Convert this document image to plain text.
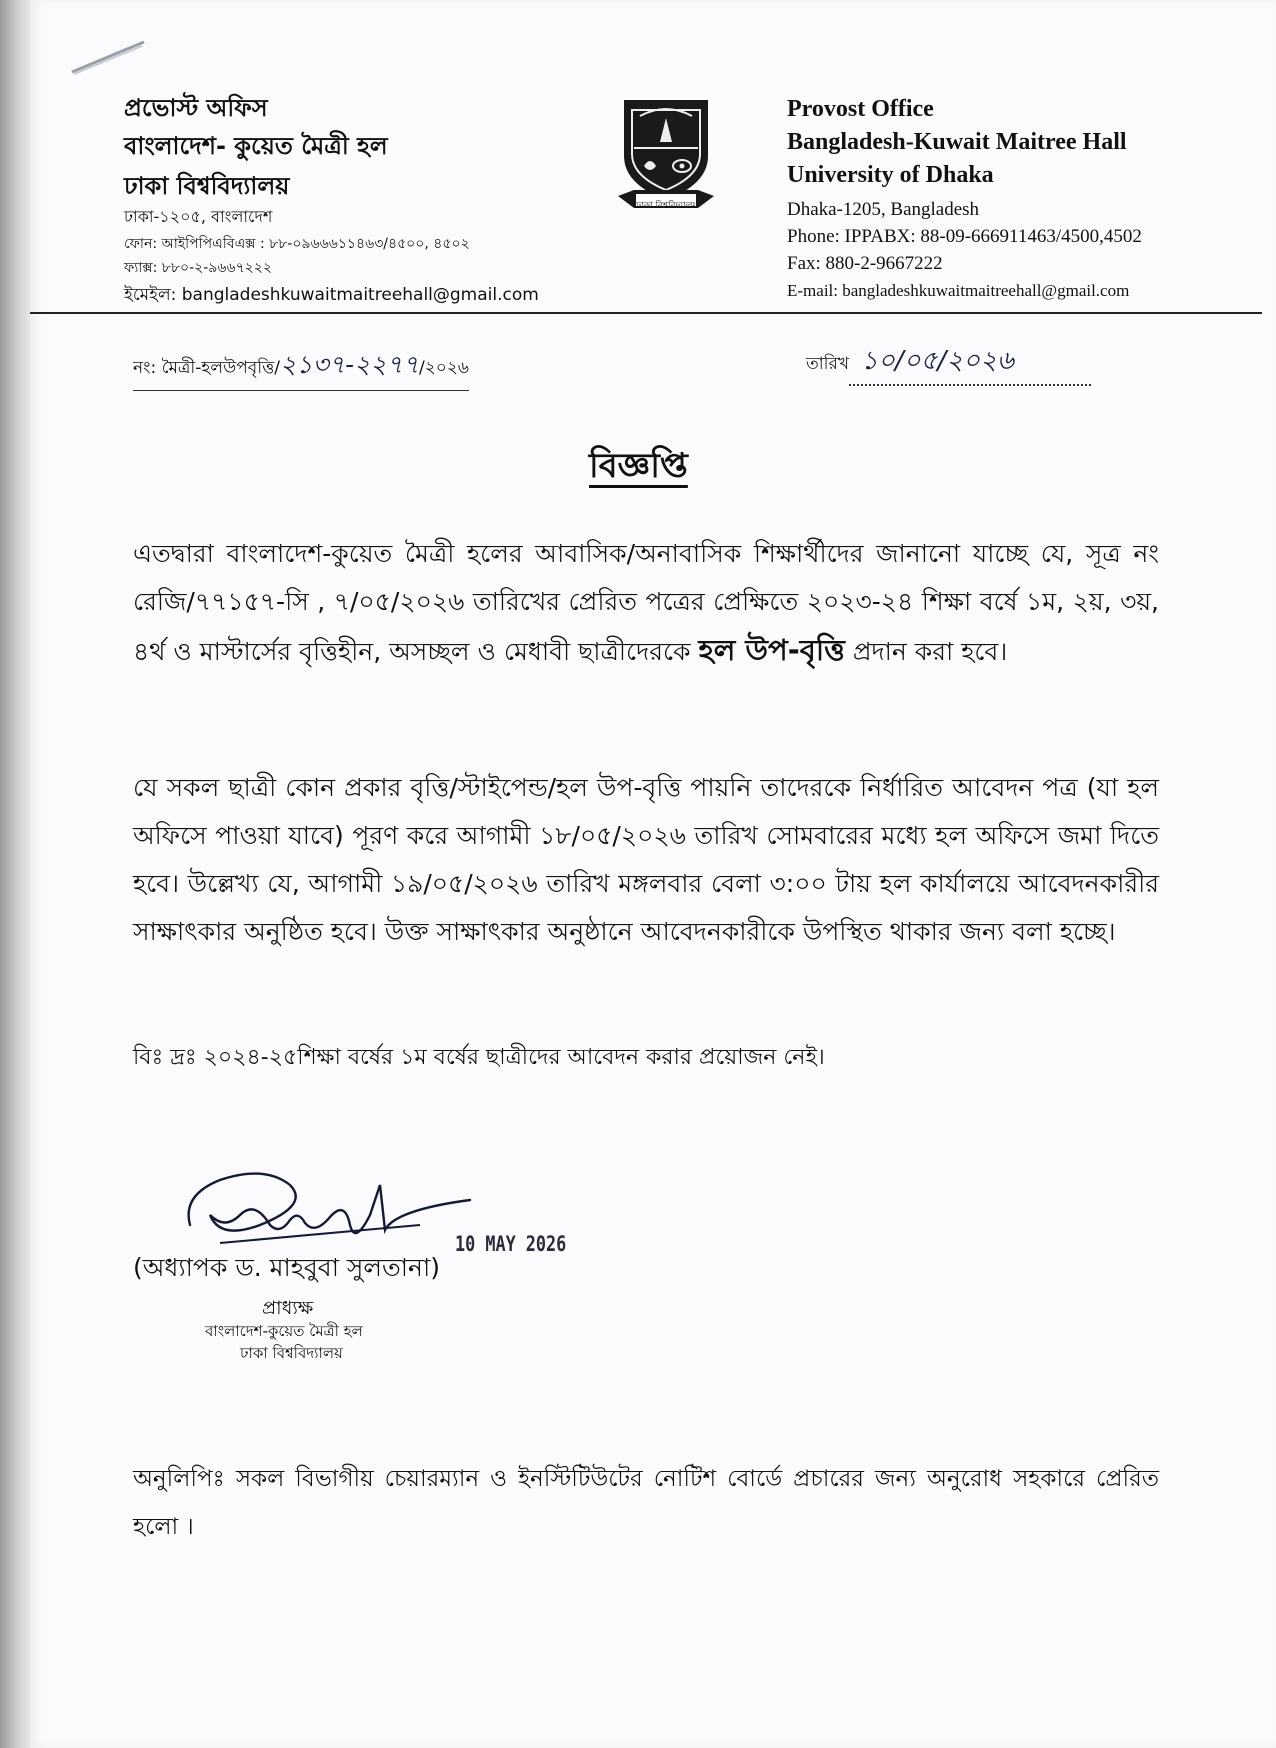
প্রভোস্ট অফিস
বাংলাদেশ- কুয়েত মৈত্রী হল
ঢাকা বিশ্ববিদ্যালয়
ঢাকা-১২০৫, বাংলাদেশ
ফোন: আইপিপিএবিএক্স : ৮৮-০৯৬৬৬১১৪৬৩/৪৫০০, ৪৫০২
ফ্যাক্স: ৮৮০-২-৯৬৬৭২২২
ইমেইল: bangladeshkuwaitmaitreehall@gmail.com
ঢাকা বিশ্ববিদ্যালয়
Provost Office
Bangladesh-Kuwait Maitree Hall
University of Dhaka
Dhaka-1205, Bangladesh
Phone: IPPABX: 88-09-666911463/4500,4502
Fax: 880-2-9667222
E-mail: bangladeshkuwaitmaitreehall@gmail.com
নং: মৈত্রী-হলউপবৃত্তি/২১৩৭-২২৭৭/২০২৬	তারিখ ১০/০৫/২০২৬
বিজ্ঞপ্তি
এতদ্বারা বাংলাদেশ-কুয়েত মৈত্রী হলের আবাসিক/অনাবাসিক শিক্ষার্থীদের জানানো যাচ্ছে যে, সূত্র নং রেজি/৭৭১৫৭-সি , ৭/০৫/২০২৬ তারিখের প্রেরিত পত্রের প্রেক্ষিতে ২০২৩-২৪ শিক্ষা বর্ষে ১ম, ২য়, ৩য়, ৪র্থ ও মাস্টার্সের বৃত্তিহীন, অসচ্ছল ও মেধাবী ছাত্রীদেরকে হল উপ-বৃত্তি প্রদান করা হবে।
যে সকল ছাত্রী কোন প্রকার বৃত্তি/স্টাইপেন্ড/হল উপ-বৃত্তি পায়নি তাদেরকে নির্ধারিত আবেদন পত্র (যা হল অফিসে পাওয়া যাবে) পূরণ করে আগামী ১৮/০৫/২০২৬ তারিখ সোমবারের মধ্যে হল অফিসে জমা দিতে হবে। উল্লেখ্য যে, আগামী ১৯/০৫/২০২৬ তারিখ মঙ্গলবার বেলা ৩:০০ টায় হল কার্যালয়ে আবেদনকারীর সাক্ষাৎকার অনুষ্ঠিত হবে। উক্ত সাক্ষাৎকার অনুষ্ঠানে আবেদনকারীকে উপস্থিত থাকার জন্য বলা হচ্ছে।
বিঃ দ্রঃ ২০২৪-২৫শিক্ষা বর্ষের ১ম বর্ষের ছাত্রীদের আবেদন করার প্রয়োজন নেই।
(অধ্যাপক ড. মাহবুবা সুলতানা)
10 MAY 2026
প্রাধ্যক্ষ
বাংলাদেশ-কুয়েত মৈত্রী হল
ঢাকা বিশ্ববিদ্যালয়
অনুলিপিঃ সকল বিভাগীয় চেয়ারম্যান ও ইনস্টিটিউটের নোটিশ বোর্ডে প্রচারের জন্য অনুরোধ সহকারে প্রেরিত হলো ।
